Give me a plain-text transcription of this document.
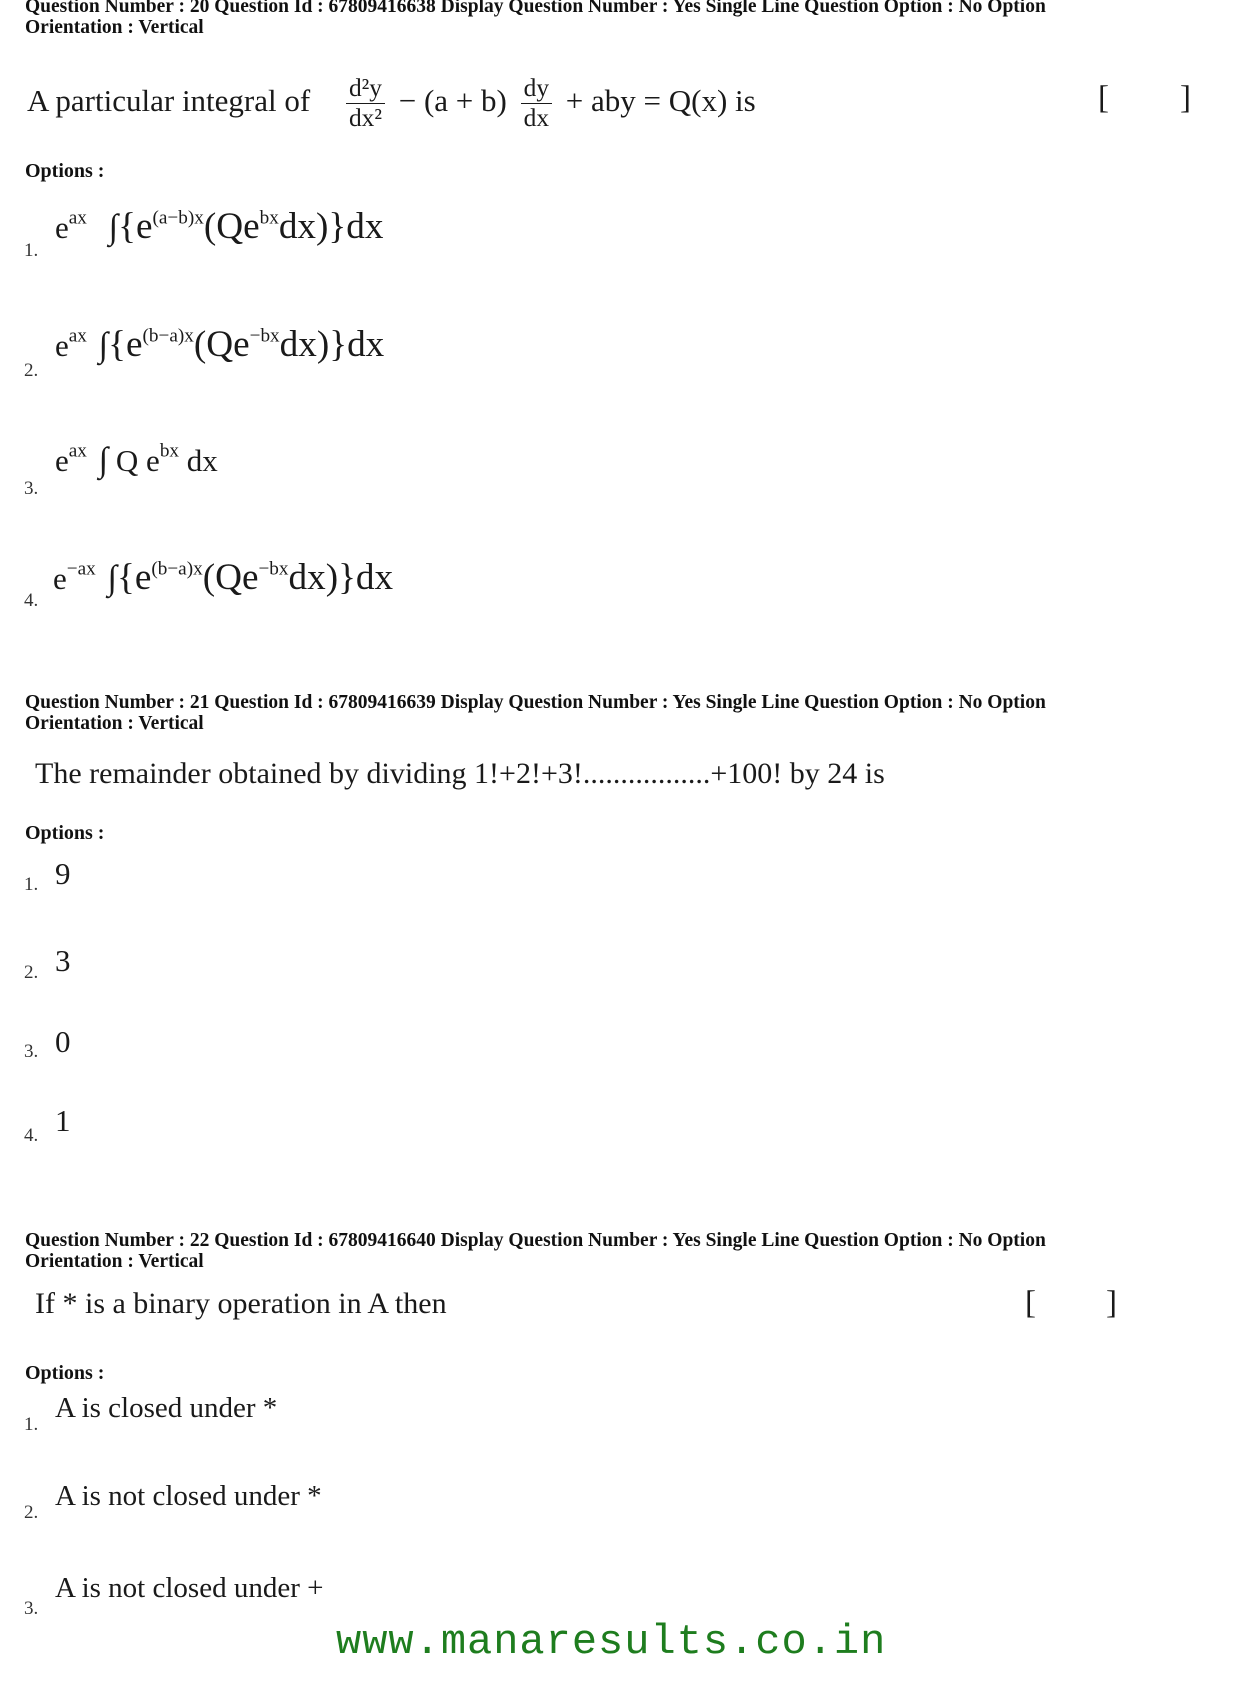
Question Number : 20 Question Id : 67809416638 Display Question Number : Yes Single Line Question Option : No Option
Orientation : Vertical
A particular integral of $\frac{\text{d²y}}{\text{dx²}} - (a + b) \frac{dy}{dx}$ + aby = Q(x) is	[ ]
Options :
1.
$e^{ax}$ $\int\{e^{(a-b)x}(Qe^{bx}dx)\}dx$
2.
$e^{ax}$ $\int\{e^{(b-a)x}(Qe^{-bx}dx)\}dx$
3.
$e^{ax}$ ∫ Q $e^{bx}$ dx
4.
$e^{-ax}$ $\int\{e^{(b-a)x}(Qe^{-bx}dx)\}dx$
Question Number : 21 Question Id : 67809416639 Display Question Number : Yes Single Line Question Option : No Option
Orientation : Vertical
The remainder obtained by dividing 1!+2!+3!.................+100! by 24 is
Options :
1. 9
2. 3
3. 0
4. 1
Question Number : 22 Question Id : 67809416640 Display Question Number : Yes Single Line Question Option : No Option
Orientation : Vertical
If * is a binary operation in A then	[ ]
Options :
1.
A is closed under *
2.
A is not closed under *
3.
A is not closed under +
www.manaresults.co.in
